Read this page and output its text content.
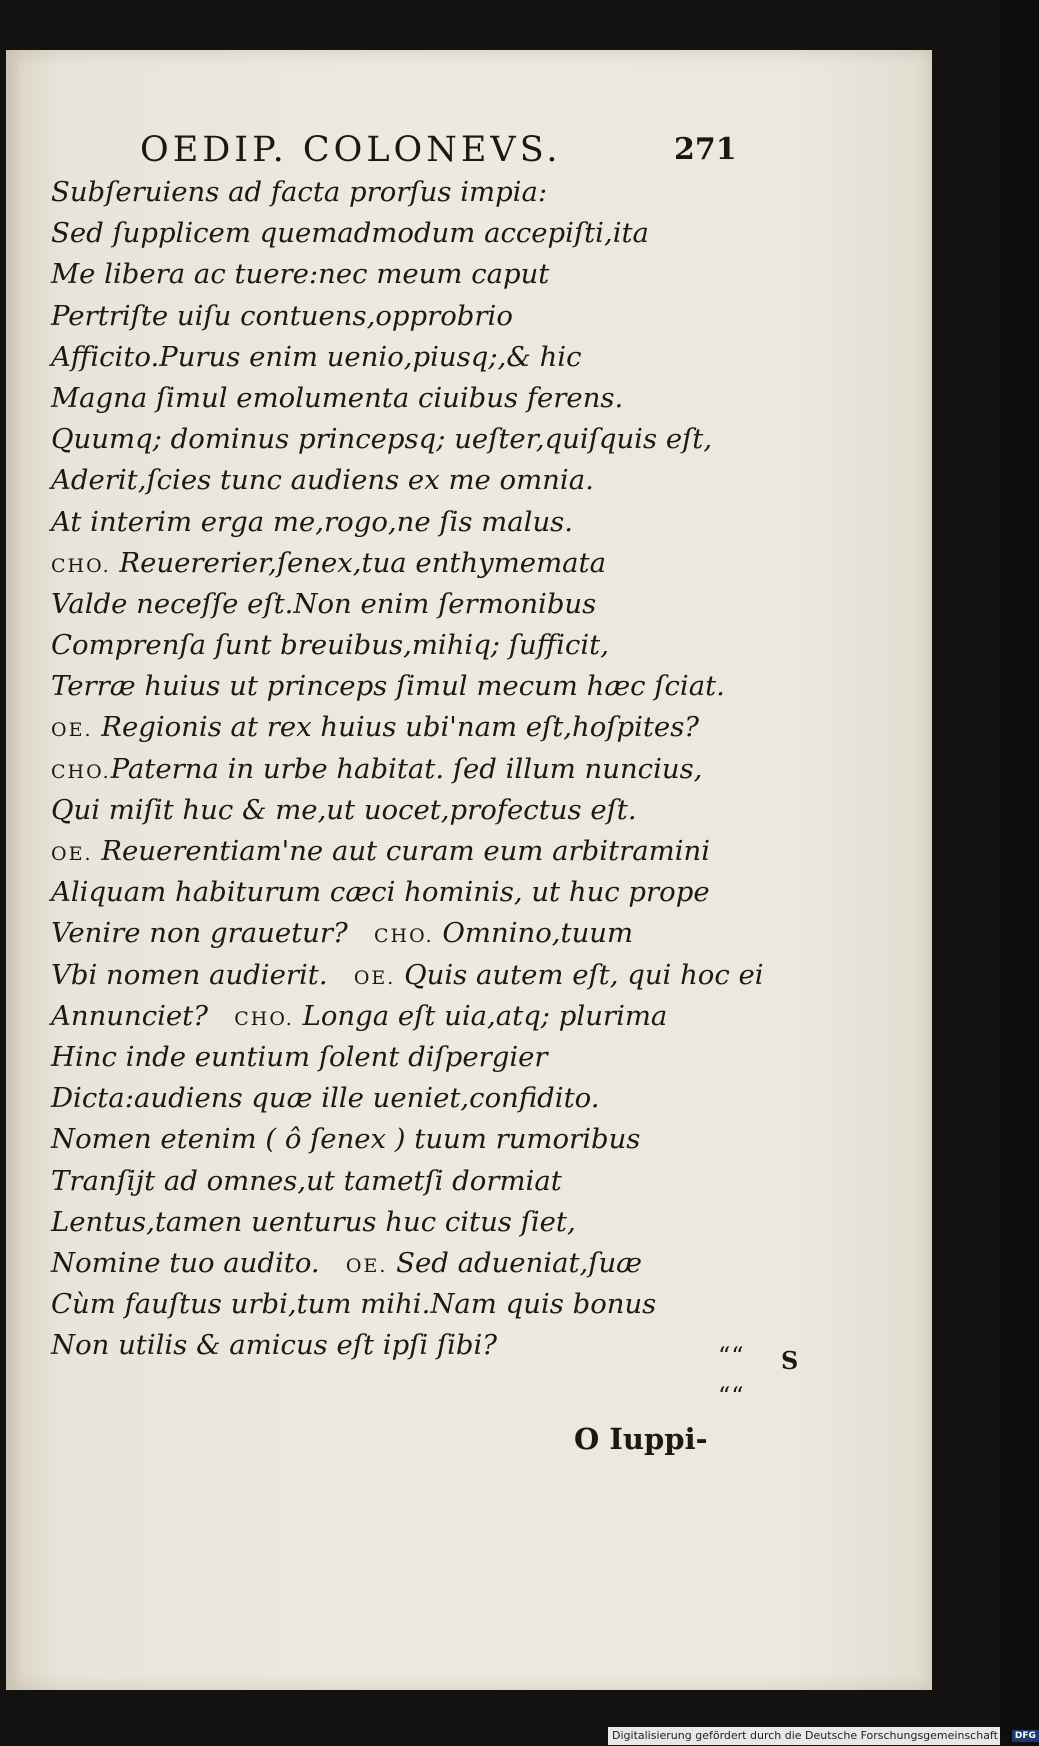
OEDIP. COLONEVS.	271
Subſeruiens ad facta prorſus impia:
Sed ſupplicem quemadmodum accepiſti,ita
Me libera ac tuere:nec meum caput
Pertriſte uiſu contuens,opprobrio
Afficito.Purus enim uenio,piusq;,& hic
Magna ſimul emolumenta ciuibus ferens.
Quumq; dominus princepsq; ueſter,quiſquis eſt,
Aderit,ſcies tunc audiens ex me omnia.
At interim erga me,rogo,ne ſis malus.
CHO. Reuererier,ſenex,tua enthymemata
Valde neceſſe eſt.Non enim ſermonibus
Comprenſa ſunt breuibus,mihiq; ſufficit,
Terræ huius ut princeps ſimul mecum hæc ſciat.
OE. Regionis at rex huius ubi'nam eſt,hoſpites?
CHO.Paterna in urbe habitat. ſed illum nuncius,
Qui miſit huc & me,ut uocet,profectus eſt.
OE. Reuerentiam'ne aut curam eum arbitramini
Aliquam habiturum cæci hominis, ut huc prope
Venire non grauetur? CHO. Omnino,tuum
Vbi nomen audierit. OE. Quis autem eſt, qui hoc ei
Annunciet? CHO. Longa eſt uia,atq; plurima
Hinc inde euntium ſolent diſpergier
Dicta:audiens quæ ille ueniet,confidito.
Nomen etenim ( ô ſenex ) tuum rumoribus
Tranſijt ad omnes,ut tametſi dormiat
Lentus,tamen uenturus huc citus ſiet,
Nomine tuo audito. OE. Sed adueniat,ſuæ
Cùm fauſtus urbi,tum mihi.Nam quis bonus
Non utilis & amicus eſt ipſi ſibi?	““ S
““
O Iuppi-
Digitalisierung gefördert durch die Deutsche Forschungsgemeinschaft - DFG
